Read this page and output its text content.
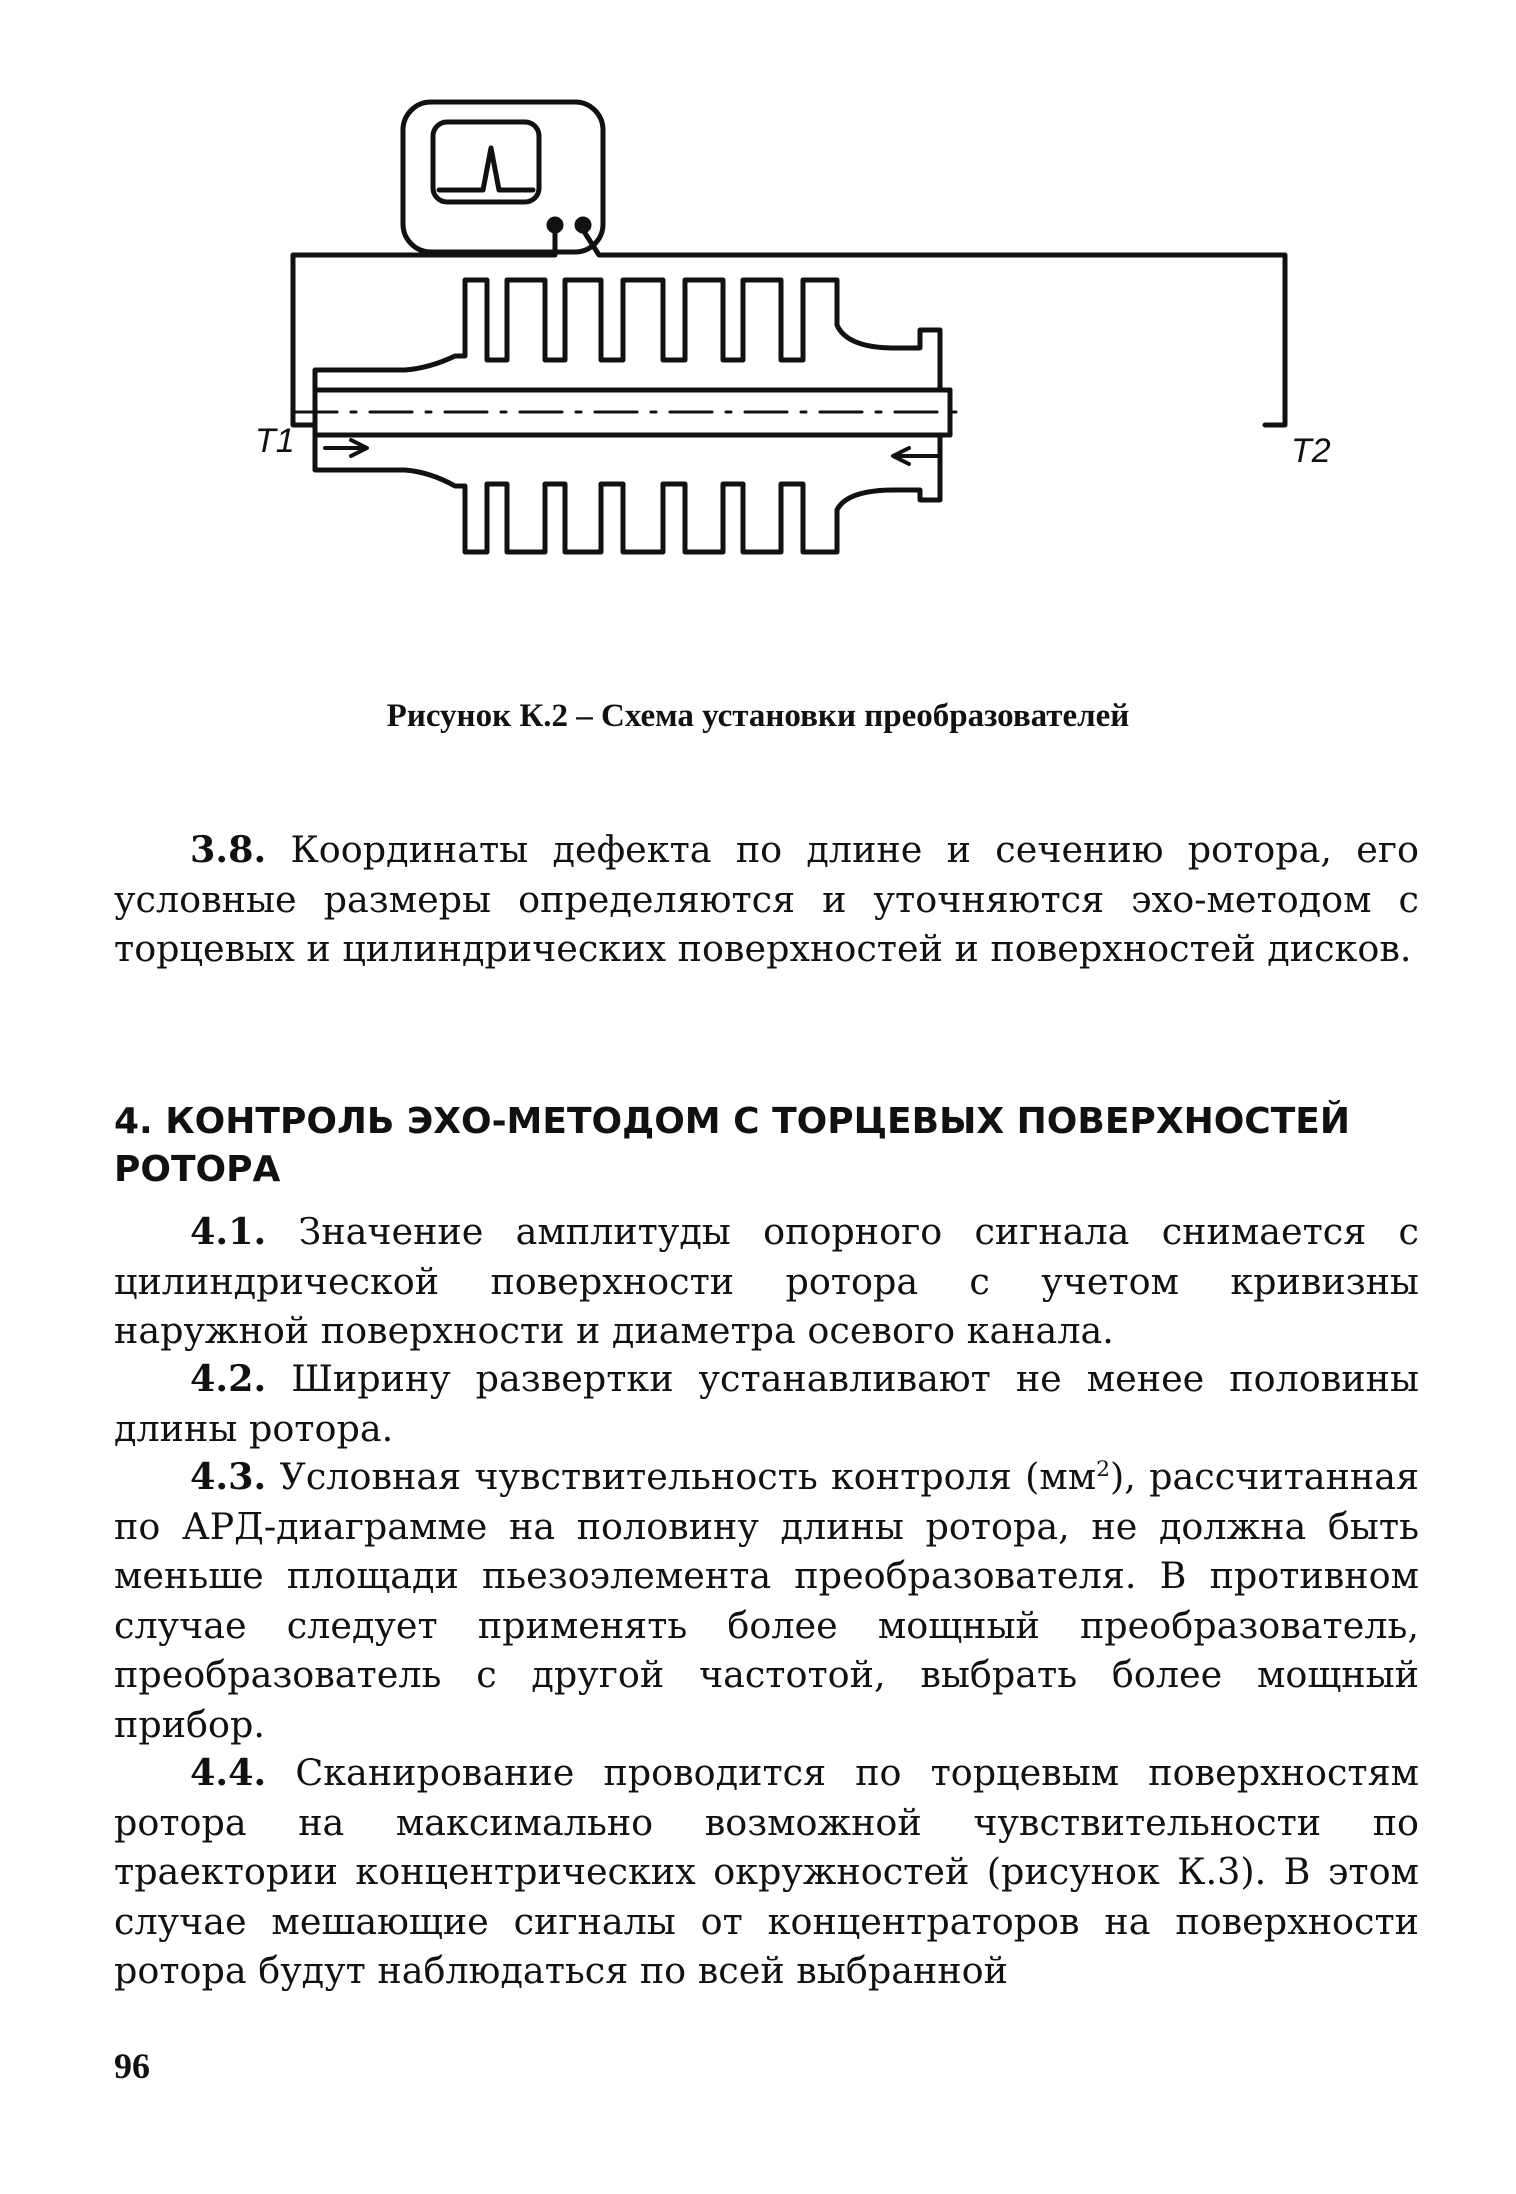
T1	T2
Рисунок К.2 – Схема установки преобразователей

3.8. Координаты дефекта по длине и сечению ротора, его условные размеры определяются и уточняются эхо-методом с торцевых и цилиндрических поверхностей и поверхностей дисков.

4. КОНТРОЛЬ ЭХО-МЕТОДОМ С ТОРЦЕВЫХ ПОВЕРХНОСТЕЙ РОТОРА

4.1. Значение амплитуды опорного сигнала снимается с цилиндрической поверхности ротора с учетом кривизны наружной поверхности и диаметра осевого канала.

4.2. Ширину развертки устанавливают не менее половины длины ротора.

4.3. Условная чувствительность контроля $(мм^2)$, рассчитанная по АРД-диаграмме на половину длины ротора, не должна быть меньше площади пьезоэлемента преобразователя. В противном случае следует применять более мощный преобразователь, преобразователь с другой частотой, выбрать более мощный прибор.

4.4. Сканирование проводится по торцевым поверхностям ротора на максимально возможной чувствительности по траектории концентрических окружностей (рисунок К.3). В этом случае мешающие сигналы от концентраторов на поверхности ротора будут наблюдаться по всей выбранной

96
